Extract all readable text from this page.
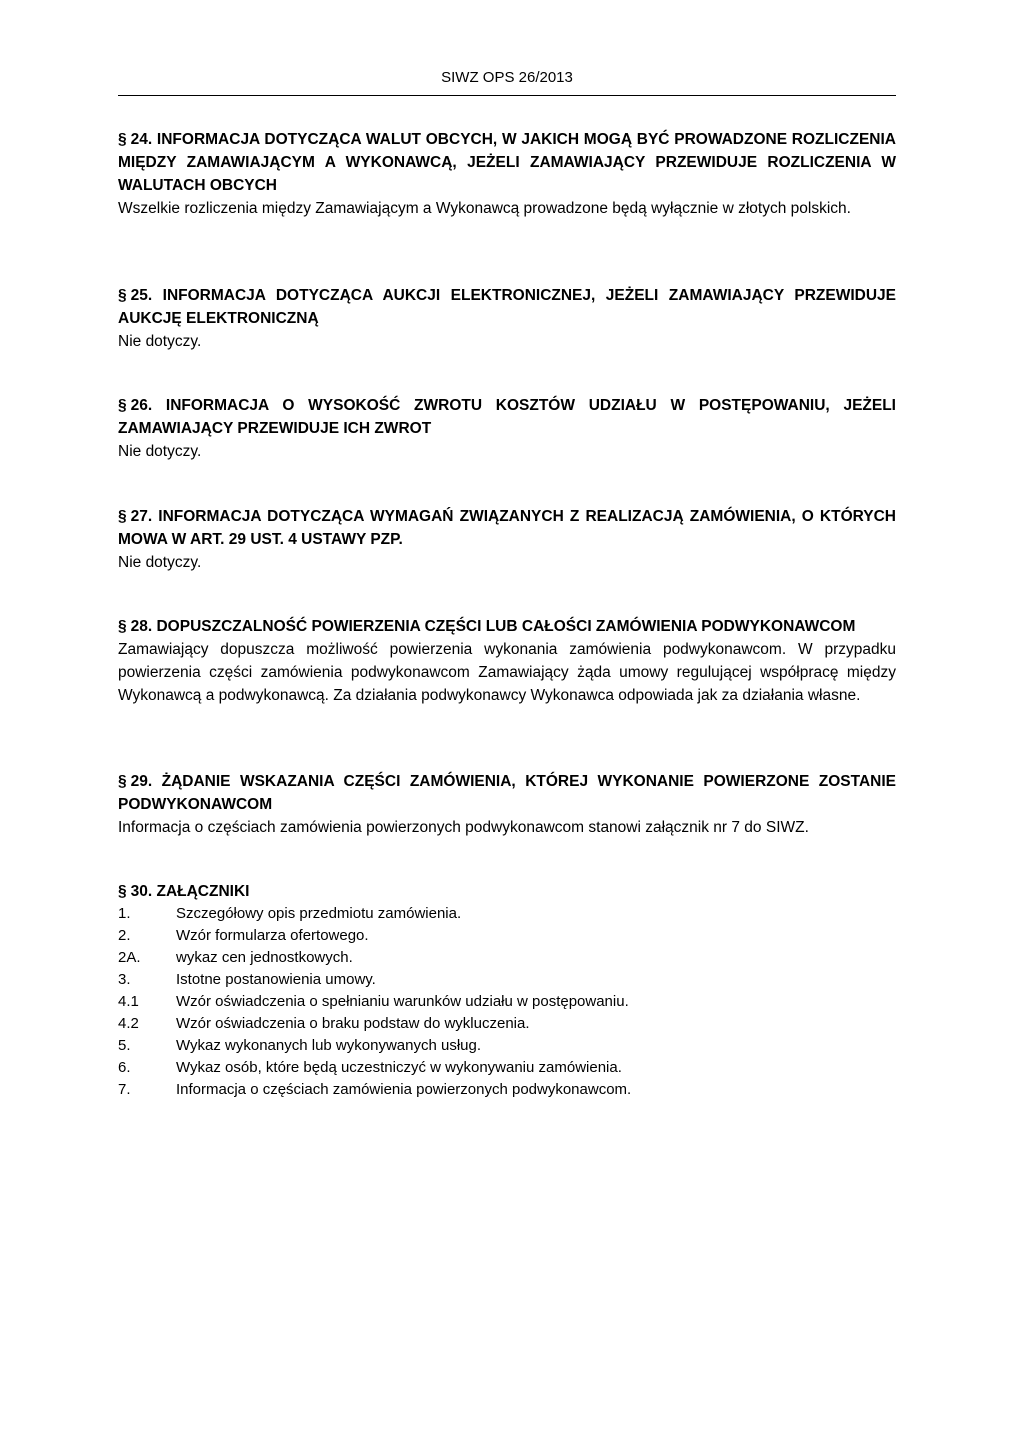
SIWZ OPS 26/2013
§ 24. INFORMACJA DOTYCZĄCA WALUT OBCYCH, W JAKICH MOGĄ BYĆ PROWADZONE ROZLICZENIA MIĘDZY ZAMAWIAJĄCYM A WYKONAWCĄ, JEŻELI ZAMAWIAJĄCY PRZEWIDUJE ROZLICZENIA W WALUTACH OBCYCH

Wszelkie rozliczenia między Zamawiającym a Wykonawcą prowadzone będą wyłącznie w złotych polskich.

§ 25. INFORMACJA DOTYCZĄCA AUKCJI ELEKTRONICZNEJ, JEŻELI ZAMAWIAJĄCY PRZEWIDUJE AUKCJĘ ELEKTRONICZNĄ

Nie dotyczy.

§ 26. INFORMACJA O WYSOKOŚĆ ZWROTU KOSZTÓW UDZIAŁU W POSTĘPOWANIU, JEŻELI ZAMAWIAJĄCY PRZEWIDUJE ICH ZWROT

Nie dotyczy.

§ 27. INFORMACJA DOTYCZĄCA WYMAGAŃ ZWIĄZANYCH Z REALIZACJĄ ZAMÓWIENIA, O KTÓRYCH MOWA W ART. 29 UST. 4 USTAWY PZP.

Nie dotyczy.

§ 28. DOPUSZCZALNOŚĆ POWIERZENIA CZĘŚCI LUB CAŁOŚCI ZAMÓWIENIA PODWYKONAWCOM

Zamawiający dopuszcza możliwość powierzenia wykonania zamówienia podwykonawcom. W przypadku powierzenia części zamówienia podwykonawcom Zamawiający żąda umowy regulującej współpracę między Wykonawcą a podwykonawcą. Za działania podwykonawcy Wykonawca odpowiada jak za działania własne.

§ 29. ŻĄDANIE WSKAZANIA CZĘŚCI ZAMÓWIENIA, KTÓREJ WYKONANIE POWIERZONE ZOSTANIE PODWYKONAWCOM

Informacja o częściach zamówienia powierzonych podwykonawcom stanowi załącznik nr 7 do SIWZ.

§ 30. ZAŁĄCZNIKI
1.	Szczegółowy opis przedmiotu zamówienia.
2.	Wzór formularza ofertowego.
2A.	wykaz cen jednostkowych.
3.	Istotne postanowienia umowy.
4.1	Wzór oświadczenia o spełnianiu warunków udziału w postępowaniu.
4.2	Wzór oświadczenia o braku podstaw do wykluczenia.
5.	Wykaz wykonanych lub wykonywanych usług.
6.	Wykaz osób, które będą uczestniczyć w wykonywaniu zamówienia.
7.	Informacja o częściach zamówienia powierzonych podwykonawcom.
